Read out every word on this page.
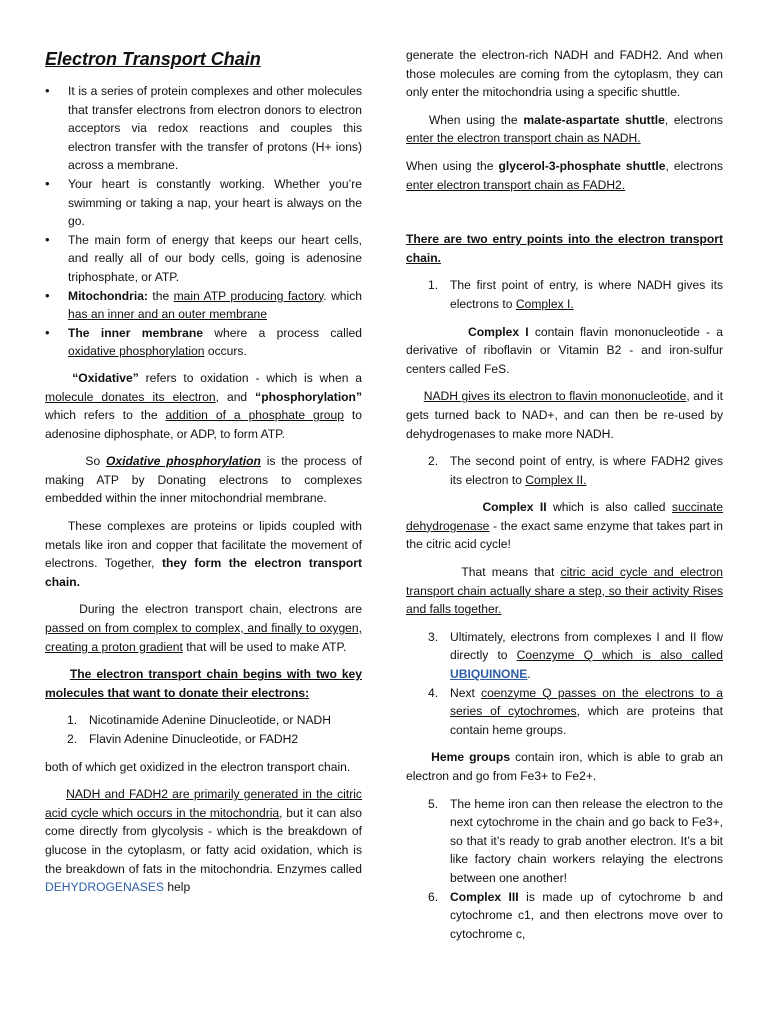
Electron Transport Chain
• It is a series of protein complexes and other molecules that transfer electrons from electron donors to electron acceptors via redox reactions and couples this electron transfer with the transfer of protons (H+ ions) across a membrane.
• Your heart is constantly working. Whether you’re swimming or taking a nap, your heart is always on the go.
• The main form of energy that keeps our heart cells, and really all of our body cells, going is adenosine triphosphate, or ATP.
• Mitochondria: the main ATP producing factory. which has an inner and an outer membrane
• The inner membrane where a process called oxidative phosphorylation occurs.

“Oxidative” refers to oxidation - which is when a molecule donates its electron, and “phosphorylation” which refers to the addition of a phosphate group to adenosine diphosphate, or ADP, to form ATP.

So Oxidative phosphorylation is the process of making ATP by Donating electrons to complexes embedded within the inner mitochondrial membrane.

These complexes are proteins or lipids coupled with metals like iron and copper that facilitate the movement of electrons. Together, they form the electron transport chain.

During the electron transport chain, electrons are passed on from complex to complex, and finally to oxygen, creating a proton gradient that will be used to make ATP.

The electron transport chain begins with two key molecules that want to donate their electrons:

1. Nicotinamide Adenine Dinucleotide, or NADH
2. Flavin Adenine Dinucleotide, or FADH2

both of which get oxidized in the electron transport chain.

NADH and FADH2 are primarily generated in the citric acid cycle which occurs in the mitochondria, but it can also come directly from glycolysis - which is the breakdown of glucose in the cytoplasm, or fatty acid oxidation, which is the breakdown of fats in the mitochondria. Enzymes called DEHYDROGENASES help

generate the electron-rich NADH and FADH2. And when those molecules are coming from the cytoplasm, they can only enter the mitochondria using a specific shuttle.

When using the malate-aspartate shuttle, electrons enter the electron transport chain as NADH.

When using the glycerol-3-phosphate shuttle, electrons enter electron transport chain as FADH2.

There are two entry points into the electron transport chain.

1. The first point of entry, is where NADH gives its electrons to Complex I.

Complex I contain flavin mononucleotide - a derivative of riboflavin or Vitamin B2 - and iron-sulfur centers called FeS.

NADH gives its electron to flavin mononucleotide, and it gets turned back to NAD+, and can then be re-used by dehydrogenases to make more NADH.

2. The second point of entry, is where FADH2 gives its electron to Complex II.

Complex II which is also called succinate dehydrogenase - the exact same enzyme that takes part in the citric acid cycle!

That means that citric acid cycle and electron transport chain actually share a step, so their activity Rises and falls together.

3. Ultimately, electrons from complexes I and II flow directly to Coenzyme Q which is also called UBIQUINONE.
4. Next coenzyme Q passes on the electrons to a series of cytochromes, which are proteins that contain heme groups.

Heme groups contain iron, which is able to grab an electron and go from Fe3+ to Fe2+.

5. The heme iron can then release the electron to the next cytochrome in the chain and go back to Fe3+, so that it’s ready to grab another electron. It’s a bit like factory chain workers relaying the electrons between one another!
6. Complex III is made up of cytochrome b and cytochrome c1, and then electrons move over to cytochrome c,
